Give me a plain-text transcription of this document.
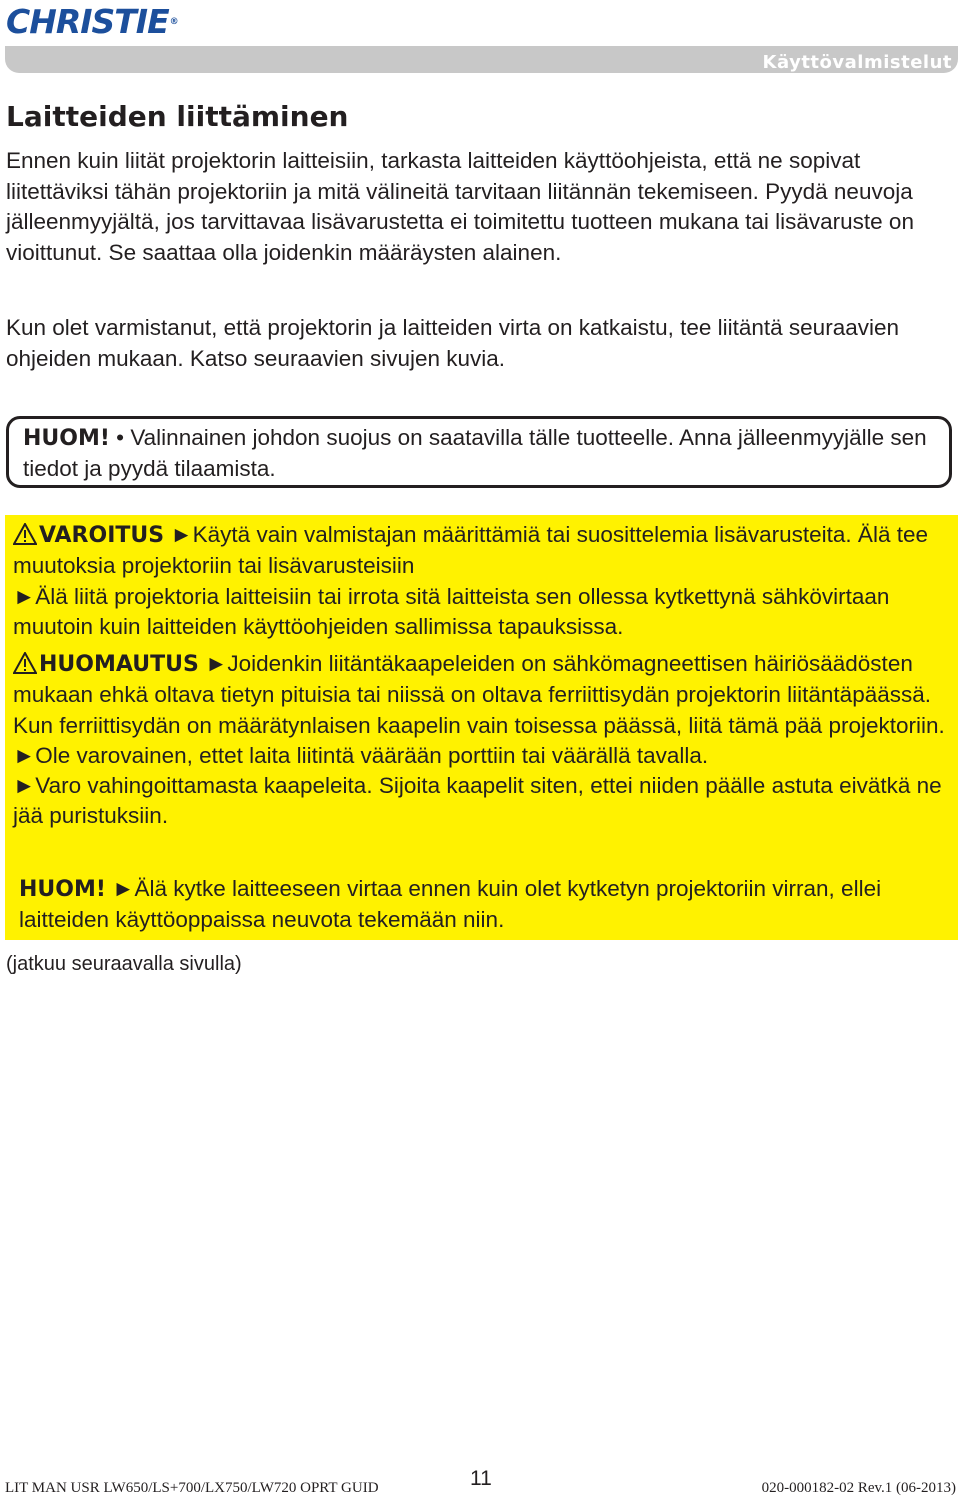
CHRISTIE®
Käyttövalmistelut
Laitteiden liittäminen

Ennen kuin liität projektorin laitteisiin, tarkasta laitteiden käyttöohjeista, että ne sopivat liitettäviksi tähän projektoriin ja mitä välineitä tarvitaan liitännän tekemiseen. Pyydä neuvoja jälleenmyyjältä, jos tarvittavaa lisävarustetta ei toimitettu tuotteen mukana tai lisävaruste on vioittunut. Se saattaa olla joidenkin määräysten alainen.

Kun olet varmistanut, että projektorin ja laitteiden virta on katkaistu, tee liitäntä seuraavien ohjeiden mukaan. Katso seuraavien sivujen kuvia.

HUOM! • Valinnainen johdon suojus on saatavilla tälle tuotteelle. Anna jälleenmyyjälle sen tiedot ja pyydä tilaamista.
VAROITUS ►Käytä vain valmistajan määrittämiä tai suosittelemia lisävarusteita. Älä tee muutoksia projektoriin tai lisävarusteisiin
►Älä liitä projektoria laitteisiin tai irrota sitä laitteista sen ollessa kytkettynä sähkövirtaan muutoin kuin laitteiden käyttöohjeiden sallimissa tapauksissa.
HUOMAUTUS ►Joidenkin liitäntäkaapeleiden on sähkömagneettisen häiriösäädösten mukaan ehkä oltava tietyn pituisia tai niissä on oltava ferriittisydän projektorin liitäntäpäässä. Kun ferriittisydän on määrätynlaisen kaapelin vain toisessa päässä, liitä tämä pää projektoriin.
►Ole varovainen, ettet laita liitintä väärään porttiin tai väärällä tavalla.
►Varo vahingoittamasta kaapeleita. Sijoita kaapelit siten, ettei niiden päälle astuta eivätkä ne jää puristuksiin.
HUOM! ►Älä kytke laitteeseen virtaa ennen kuin olet kytketyn projektoriin virran, ellei laitteiden käyttöoppaissa neuvota tekemään niin.
(jatkuu seuraavalla sivulla)
LIT MAN USR LW650/LS+700/LX750/LW720 OPRT GUID	11	020-000182-02 Rev.1 (06-2013)
